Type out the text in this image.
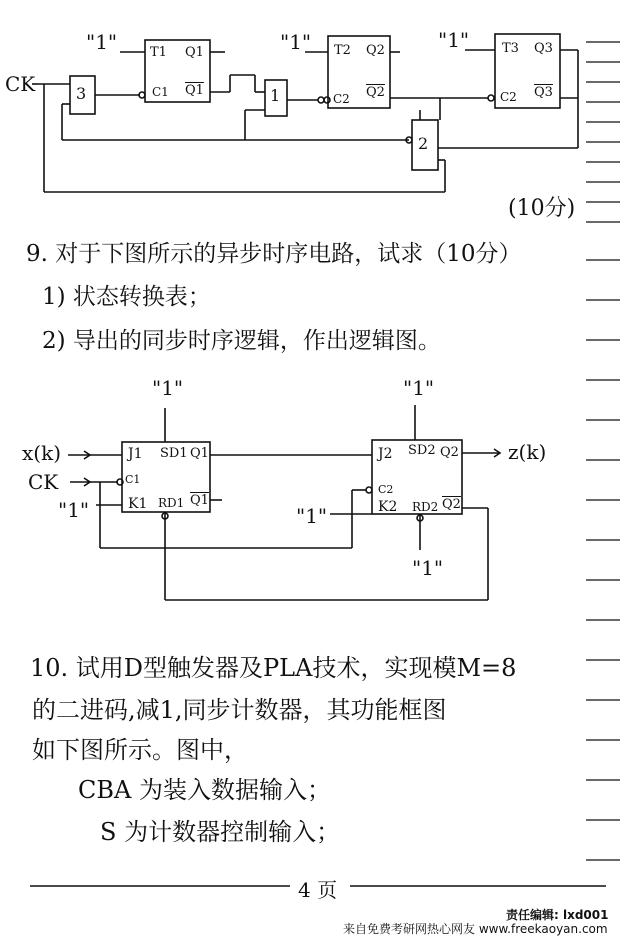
"1"	"1"	"1"
CK	3	1
2
T1 Q1
C1 Q1
T2 Q2
C2 Q2
T3 Q3
C2 Q3
(10分)
9. 对于下图所示的异步时序电路，试求（10分）
1) 状态转换表；
2) 导出的同步时序逻辑，作出逻辑图。
"1"	"1"
x(k)
CK
"1"	"1"
"1"
z(k)
J1 SD1 Q1
C1
K1 RD1 Q1
J2 SD2 Q2
C2
K2 RD2 Q2
10. 试用D型触发器及PLA技术，实现模M=8
的二进码,减1,同步计数器，其功能框图
如下图所示。图中，
CBA 为装入数据输入；
S 为计数器控制输入；
4 页
责任编辑: lxd001
来自免费考研网热心网友 www.freekaoyan.com
